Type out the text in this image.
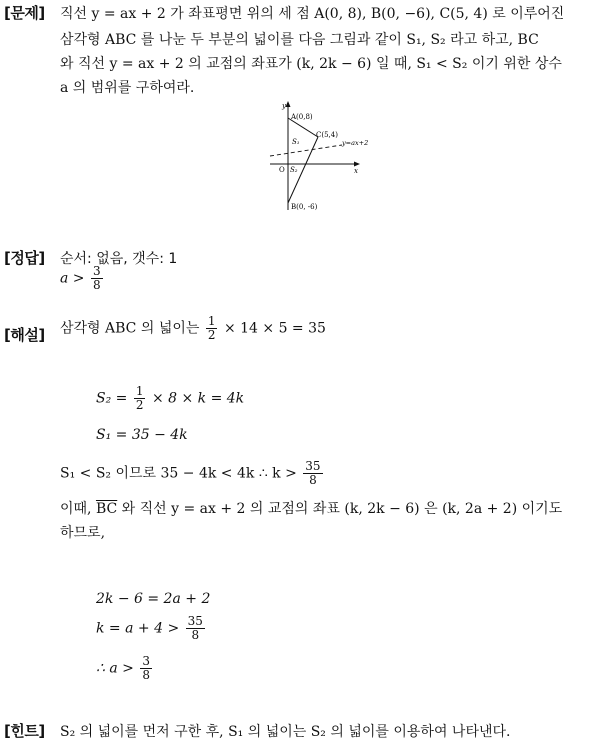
[문제] 직선 y = ax + 2 가 좌표평면 위의 세 점 A(0, 8), B(0, −6), C(5, 4) 로 이루어진
삼각형 ABC 를 나눈 두 부분의 넓이를 다음 그림과 같이 S₁, S₂ 라고 하고, BC
와 직선 y = ax + 2 의 교점의 좌표가 (k, 2k − 6) 일 때, S₁ < S₂ 이기 위한 상수
a 의 범위를 구하여라.
y
x
A(0,8)
C(5,4)
B(0, -6)
O
S₁
S₂
y=ax+2
[정답] 순서: 없음, 갯수: 1
$a > \frac{3}{8}$
[해설] 삼각형 ABC 의 넓이는 $\frac{1}{2} \times 14 \times 5 = 35$
$S_2 = \frac{1}{2} \times 8 \times k = 4k$
S₁ = 35 − 4k
S₁ < S₂ 이므로 35 − 4k < 4k ∴ $k > \frac{35}{8}$
이때, $\overline{BC}$ 와 직선 y = ax + 2 의 교점의 좌표 (k, 2k − 6) 은 (k, 2a + 2) 이기도
하므로,
2k − 6 = 2a + 2
$k = a + 4 > \frac{35}{8}$
∴ $a > \frac{3}{8}$
[힌트] S₂ 의 넓이를 먼저 구한 후, S₁ 의 넓이는 S₂ 의 넓이를 이용하여 나타낸다.
